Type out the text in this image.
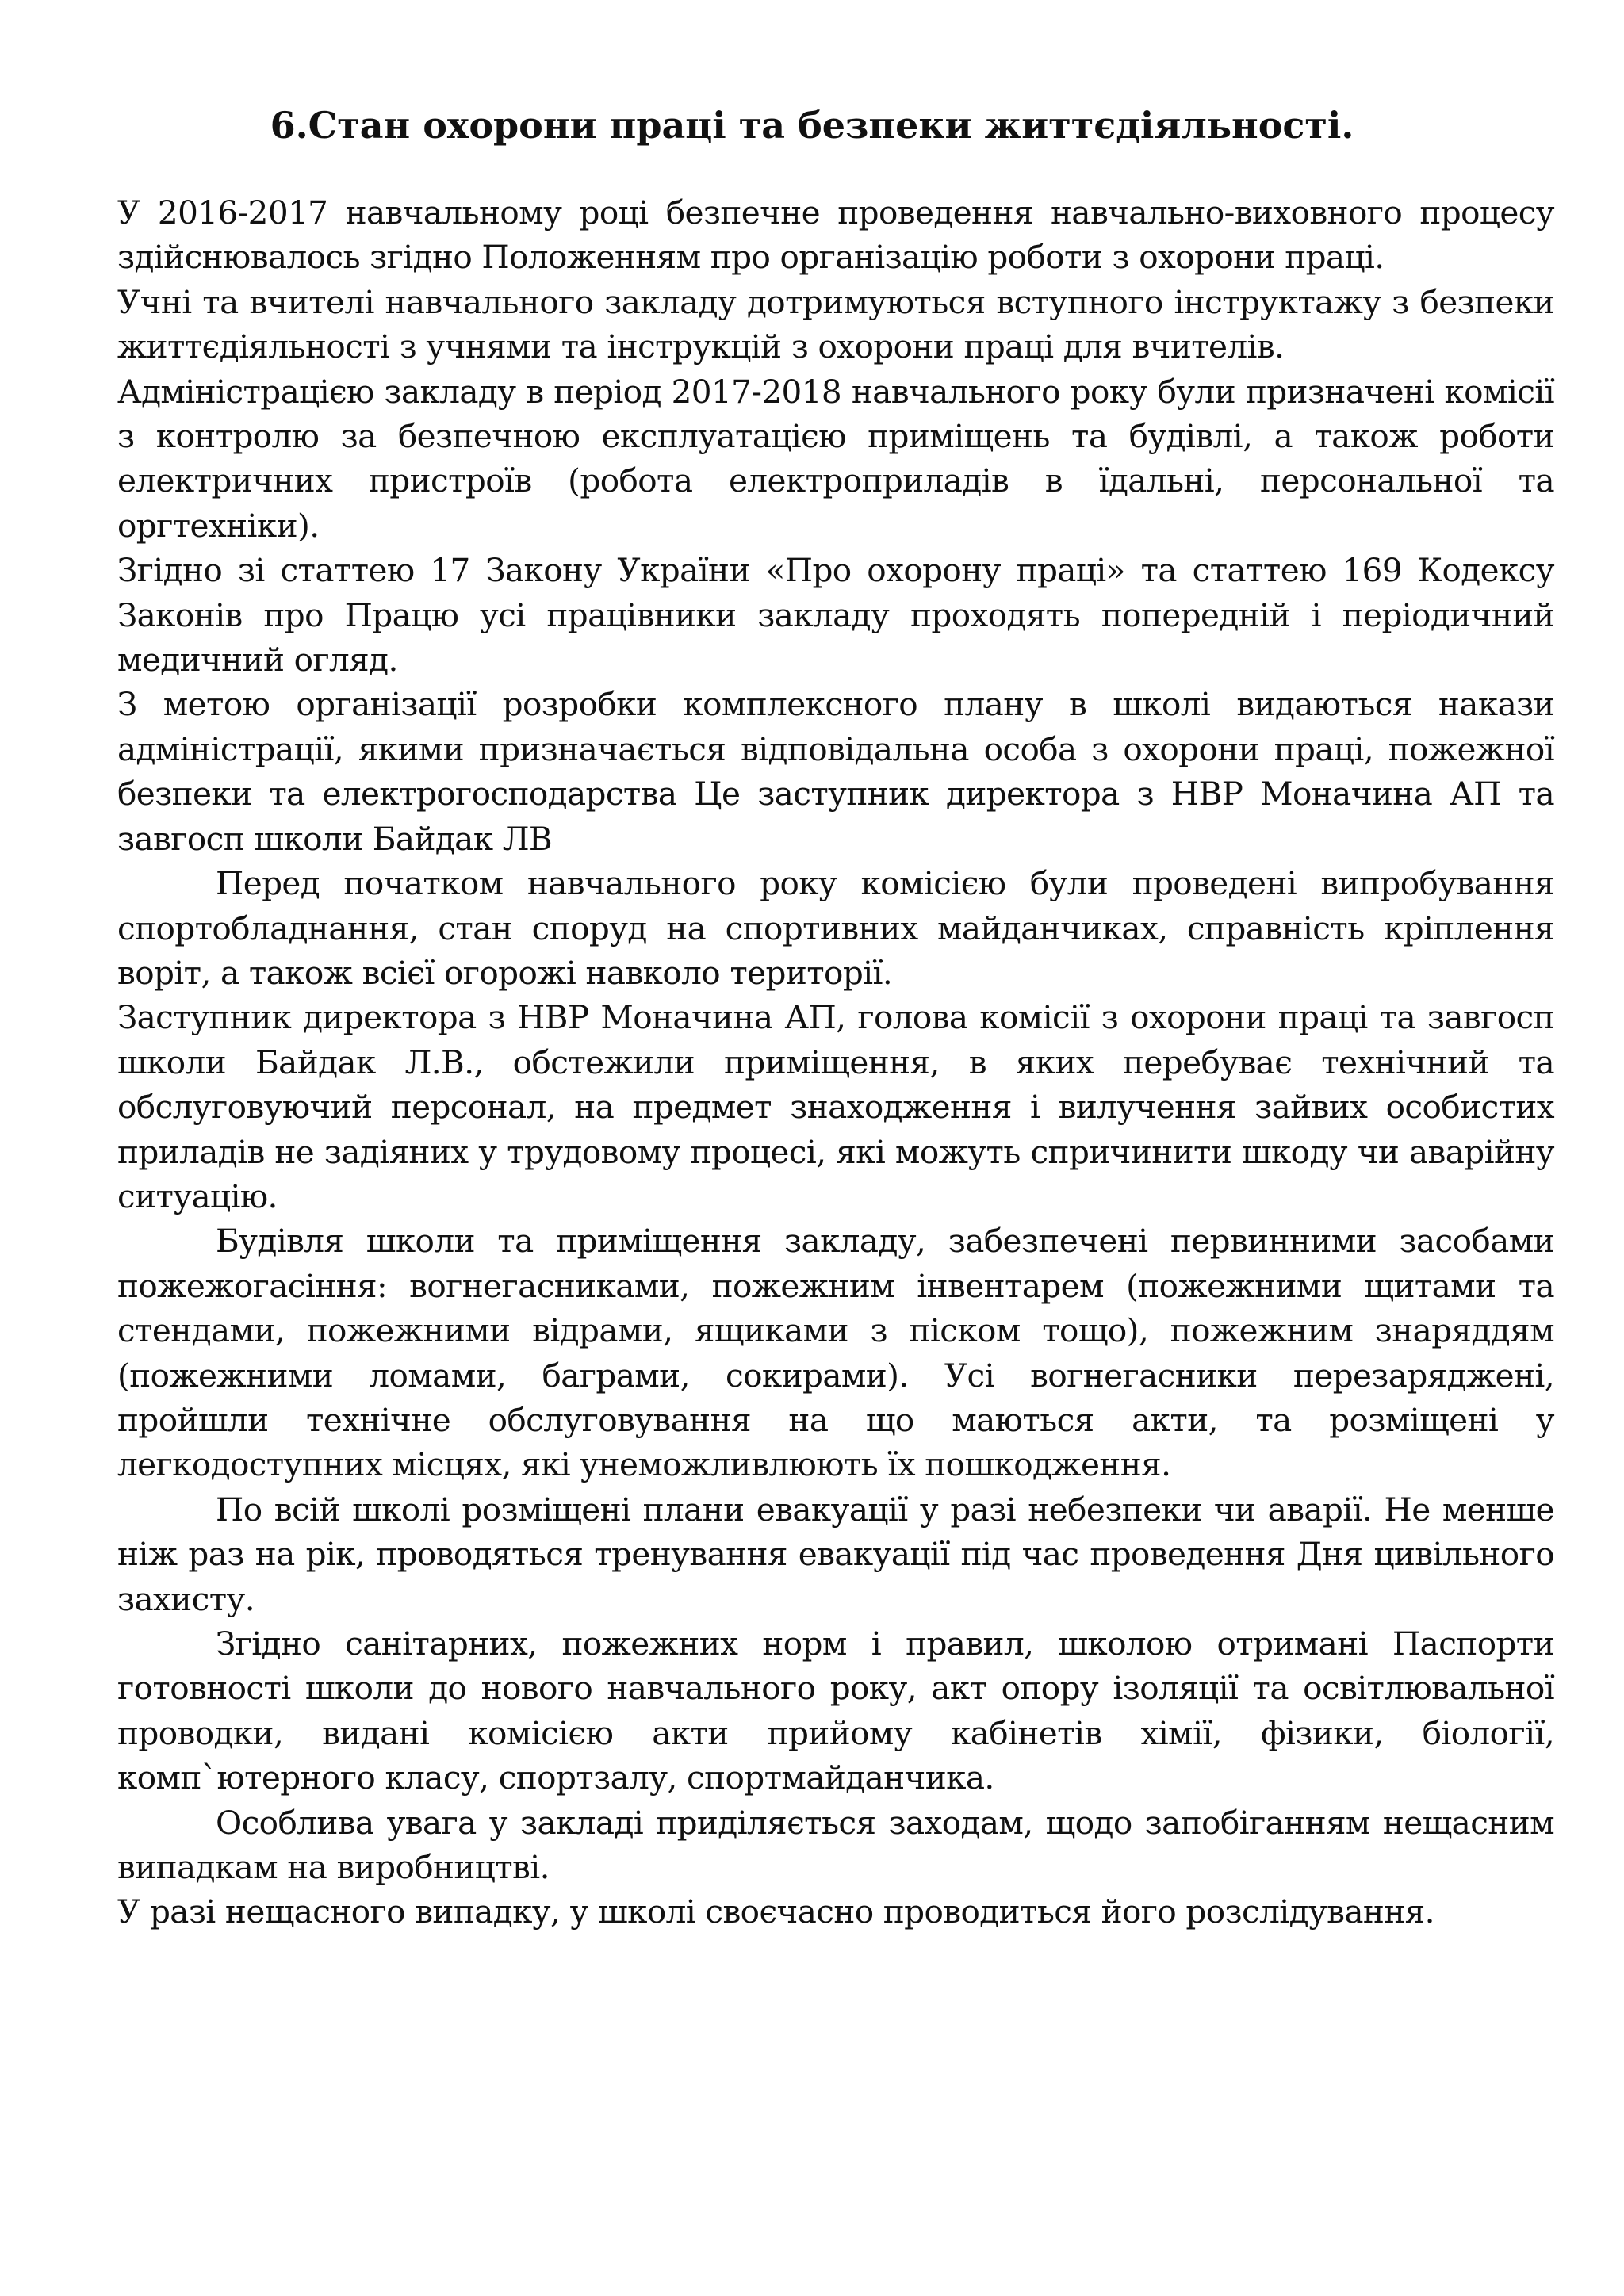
6.Стан охорони праці та безпеки життєдіяльності.

У 2016-2017 навчальному році безпечне проведення навчально-виховного процесу здійснювалось згідно Положенням про організацію роботи з охорони праці.

Учні та вчителі навчального закладу дотримуються вступного інструктажу з безпеки життєдіяльності з учнями та інструкцій з охорони праці для вчителів.

Адміністрацією закладу в період 2017-2018 навчального року були призначені комісії з контролю за безпечною експлуатацією приміщень та будівлі, а також роботи електричних пристроїв (робота електроприладів в їдальні, персональної та оргтехніки).

Згідно зі статтею 17 Закону України «Про охорону праці» та статтею 169 Кодексу Законів про Працю усі працівники закладу проходять попередній і періодичний медичний огляд.

З метою організації розробки комплексного плану в школі видаються накази адміністрації, якими призначається відповідальна особа з охорони праці, пожежної безпеки та електрогосподарства Це заступник директора з НВР Моначина АП та завгосп школи Байдак ЛВ

Перед початком навчального року комісією були проведені випробування спортобладнання, стан споруд на спортивних майданчиках, справність кріплення воріт, а також всієї огорожі навколо території.

Заступник директора з НВР Моначина АП, голова комісії з охорони праці та завгосп школи Байдак Л.В., обстежили приміщення, в яких перебуває технічний та обслуговуючий персонал, на предмет знаходження і вилучення зайвих особистих приладів не задіяних у трудовому процесі, які можуть спричинити шкоду чи аварійну ситуацію.

Будівля школи та приміщення закладу, забезпечені первинними засобами пожежогасіння: вогнегасниками, пожежним інвентарем (пожежними щитами та стендами, пожежними відрами, ящиками з піском тощо), пожежним знаряддям (пожежними ломами, баграми, сокирами). Усі вогнегасники перезаряджені, пройшли технічне обслуговування на що маються акти, та розміщені у легкодоступних місцях, які унеможливлюють їх пошкодження.

По всій школі розміщені плани евакуації у разі небезпеки чи аварії. Не менше ніж раз на рік, проводяться тренування евакуації під час проведення Дня цивільного захисту.

Згідно санітарних, пожежних норм і правил, школою отримані Паспорти готовності школи до нового навчального року, акт опору ізоляції та освітлювальної проводки, видані комісією акти прийому кабінетів хімії, фізики, біології, комп`ютерного класу, спортзалу, спортмайданчика.

Особлива увага у закладі приділяється заходам, щодо запобіганням нещасним випадкам на виробництві.

У разі нещасного випадку, у школі своєчасно проводиться його розслідування.
